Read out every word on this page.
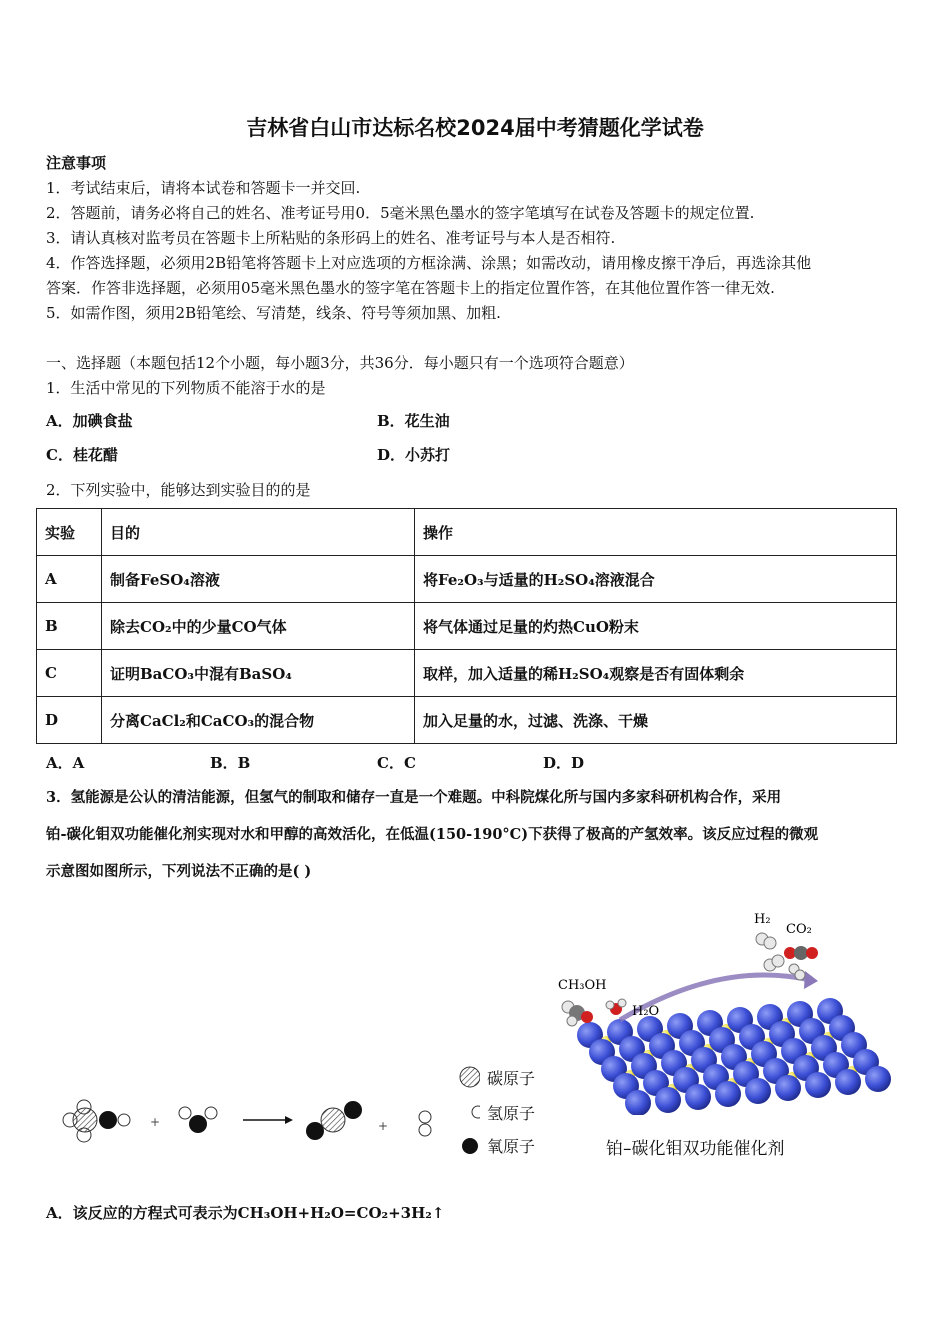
吉林省白山市达标名校2024届中考猜题化学试卷
注意事项
1．考试结束后，请将本试卷和答题卡一并交回.
2．答题前，请务必将自己的姓名、准考证号用0．5毫米黑色墨水的签字笔填写在试卷及答题卡的规定位置.
3．请认真核对监考员在答题卡上所粘贴的条形码上的姓名、准考证号与本人是否相符.
4．作答选择题，必须用2B铅笔将答题卡上对应选项的方框涂满、涂黑；如需改动，请用橡皮擦干净后，再选涂其他
答案．作答非选择题，必须用05毫米黑色墨水的签字笔在答题卡上的指定位置作答，在其他位置作答一律无效.
5．如需作图，须用2B铅笔绘、写清楚，线条、符号等须加黑、加粗.
一、选择题（本题包括12个小题，每小题3分，共36分．每小题只有一个选项符合题意）
1．生活中常见的下列物质不能溶于水的是
A．加碘食盐	B．花生油
C．桂花醋	D．小苏打
2．下列实验中，能够达到实验目的的是
实验	目的	操作
A	制备FeSO₄溶液	将Fe₂O₃与适量的H₂SO₄溶液混合
B	除去CO₂中的少量CO气体	将气体通过足量的灼热CuO粉末
C	证明BaCO₃中混有BaSO₄	取样，加入适量的稀H₂SO₄观察是否有固体剩余
D	分离CaCl₂和CaCO₃的混合物	加入足量的水，过滤、洗涤、干燥
A．A	B．B	C．C	D．D
3．氢能源是公认的清洁能源，但氢气的制取和储存一直是一个难题。中科院煤化所与国内多家科研机构合作，采用
铂-碳化钼双功能催化剂实现对水和甲醇的高效活化，在低温(150-190°C)下获得了极高的产氢效率。该反应过程的微观
示意图如图所示，下列说法不正确的是( )
+	+
碳原子
氢原子
氧原子
H₂
CO₂
CH₃OH
H₂O
铂–碳化钼双功能催化剂
A．该反应的方程式可表示为CH₃OH+H₂O=CO₂+3H₂↑
